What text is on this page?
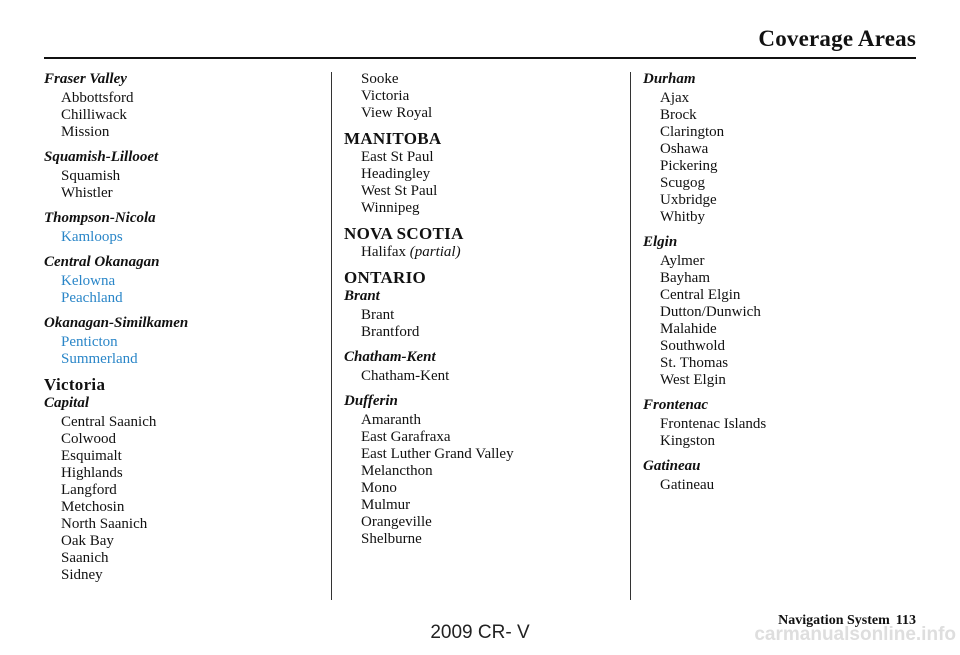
Coverage Areas
Fraser Valley
Abbottsford
Chilliwack
Mission
Squamish-Lillooet
Squamish
Whistler
Thompson-Nicola
Kamloops
Central Okanagan
Kelowna
Peachland
Okanagan-Similkamen
Penticton
Summerland
Victoria
Capital
Central Saanich
Colwood
Esquimalt
Highlands
Langford
Metchosin
North Saanich
Oak Bay
Saanich
Sidney
Sooke
Victoria
View Royal
MANITOBA
East St Paul
Headingley
West St Paul
Winnipeg
NOVA SCOTIA
Halifax (partial)
ONTARIO
Brant
Brant
Brantford
Chatham-Kent
Chatham-Kent
Dufferin
Amaranth
East Garafraxa
East Luther Grand Valley
Melancthon
Mono
Mulmur
Orangeville
Shelburne
Durham
Ajax
Brock
Clarington
Oshawa
Pickering
Scugog
Uxbridge
Whitby
Elgin
Aylmer
Bayham
Central Elgin
Dutton/Dunwich
Malahide
Southwold
St. Thomas
West Elgin
Frontenac
Frontenac Islands
Kingston
Gatineau
Gatineau
Navigation System 113
2009 CR- V	carmanualsonline.info
